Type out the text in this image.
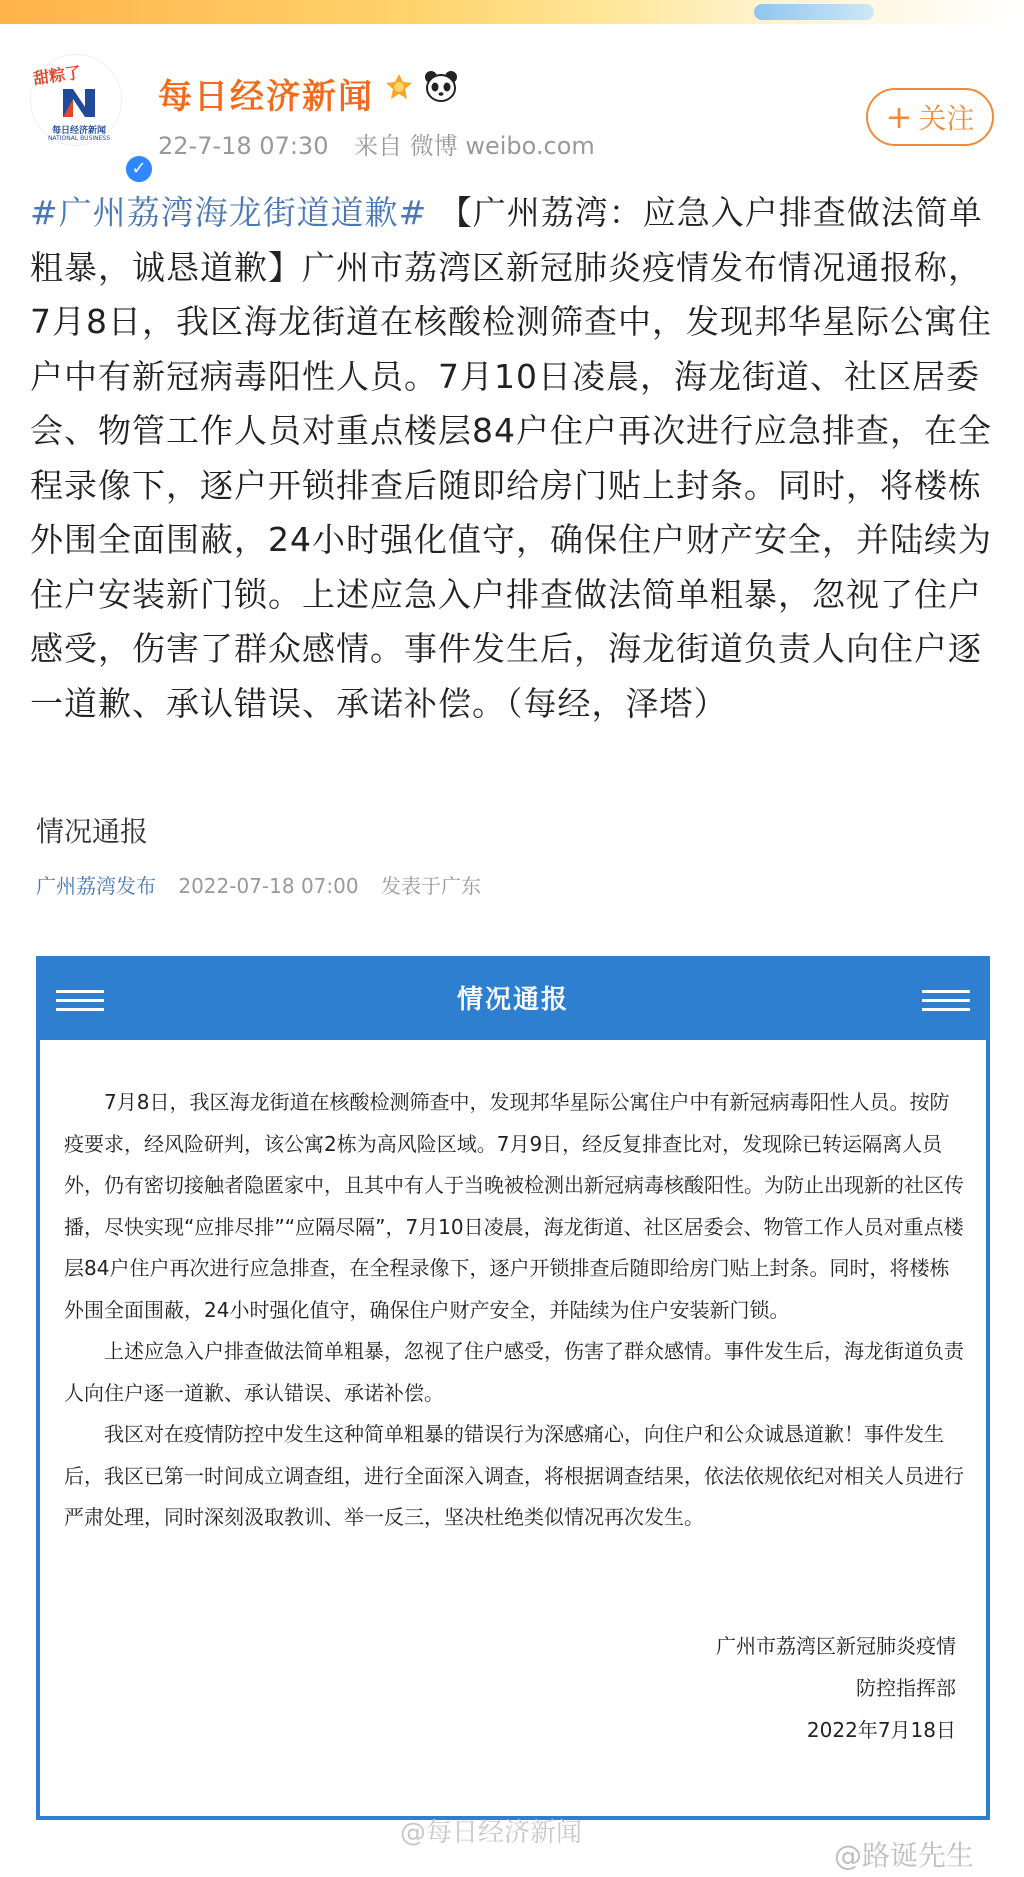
甜粽了
每日经济新闻
NATIONAL BUSINESS
✓
每日经济新闻
22-7-18 07:30 来自 微博 weibo.com
+ 关注
#广州荔湾海龙街道道歉# 【广州荔湾：应急入户排查做法简单粗暴，诚恳道歉】广州市荔湾区新冠肺炎疫情发布情况通报称，7月8日，我区海龙街道在核酸检测筛查中，发现邦华星际公寓住户中有新冠病毒阳性人员。7月10日凌晨，海龙街道、社区居委会、物管工作人员对重点楼层84户住户再次进行应急排查，在全程录像下，逐户开锁排查后随即给房门贴上封条。同时，将楼栋外围全面围蔽，24小时强化值守，确保住户财产安全，并陆续为住户安装新门锁。上述应急入户排查做法简单粗暴，忽视了住户感受，伤害了群众感情。事件发生后，海龙街道负责人向住户逐一道歉、承认错误、承诺补偿。（每经，泽塔）
情况通报
广州荔湾发布 2022-07-18 07:00 发表于广东
情况通报

7月8日，我区海龙街道在核酸检测筛查中，发现邦华星际公寓住户中有新冠病毒阳性人员。按防疫要求，经风险研判，该公寓2栋为高风险区域。7月9日，经反复排查比对，发现除已转运隔离人员外，仍有密切接触者隐匿家中，且其中有人于当晚被检测出新冠病毒核酸阳性。为防止出现新的社区传播，尽快实现“应排尽排”“应隔尽隔”，7月10日凌晨，海龙街道、社区居委会、物管工作人员对重点楼层84户住户再次进行应急排查，在全程录像下，逐户开锁排查后随即给房门贴上封条。同时，将楼栋外围全面围蔽，24小时强化值守，确保住户财产安全，并陆续为住户安装新门锁。

上述应急入户排查做法简单粗暴，忽视了住户感受，伤害了群众感情。事件发生后，海龙街道负责人向住户逐一道歉、承认错误、承诺补偿。

我区对在疫情防控中发生这种简单粗暴的错误行为深感痛心，向住户和公众诚恳道歉！事件发生后，我区已第一时间成立调查组，进行全面深入调查，将根据调查结果，依法依规依纪对相关人员进行严肃处理，同时深刻汲取教训、举一反三，坚决杜绝类似情况再次发生。

广州市荔湾区新冠肺炎疫情
防控指挥部
2022年7月18日
@每日经济新闻
@路诞先生
